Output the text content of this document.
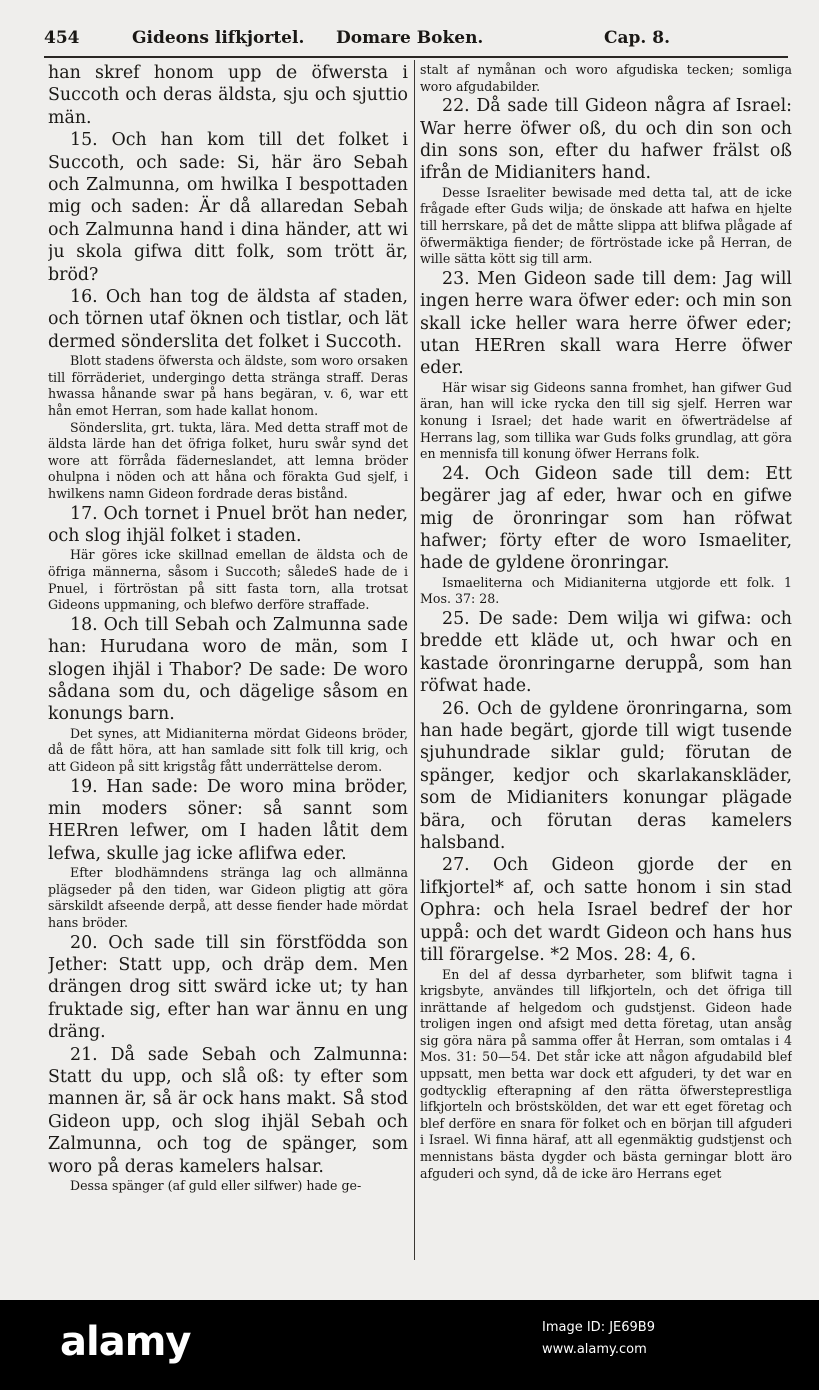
454	Gideons lifkjortel. Domare Boken.	Cap. 8.

han skref honom upp de öfwersta i Succoth och deras äldsta, sju och sjuttio män.

15. Och han kom till det folket i Succoth, och sade: Si, här äro Sebah och Zalmunna, om hwilka I bespottaden mig och saden: Är då allaredan Sebah och Zalmunna hand i dina händer, att wi ju skola gifwa ditt folk, som trött är, bröd?

16. Och han tog de äldsta af staden, och törnen utaf öknen och tistlar, och lät dermed sönderslita det folket i Succoth.

Blott stadens öfwersta och äldste, som woro orsaken till förräderiet, undergingo detta stränga straff. Deras hwassa hånande swar på hans begäran, v. 6, war ett hån emot Herran, som hade kallat honom.

Sönderslita, grt. tukta, lära. Med detta straff mot de äldsta lärde han det öfriga folket, huru swår synd det wore att förråda fäderneslandet, att lemna bröder ohulpna i nöden och att håna och förakta Gud sjelf, i hwilkens namn Gideon fordrade deras bistånd.

17. Och tornet i Pnuel bröt han neder, och slog ihjäl folket i staden.

Här göres icke skillnad emellan de äldsta och de öfriga männerna, såsom i Succoth; såledeS hade de i Pnuel, i förtröstan på sitt fasta torn, alla trotsat Gideons uppmaning, och blefwo derföre straffade.

18. Och till Sebah och Zalmunna sade han: Hurudana woro de män, som I slogen ihjäl i Thabor? De sade: De woro sådana som du, och dägelige såsom en konungs barn.

Det synes, att Midianiterna mördat Gideons bröder, då de fått höra, att han samlade sitt folk till krig, och att Gideon på sitt krigståg fått underrättelse derom.

19. Han sade: De woro mina bröder, min moders söner: så sannt som HERren lefwer, om I haden låtit dem lefwa, skulle jag icke aflifwa eder.

Efter blodhämndens stränga lag och allmänna plägseder på den tiden, war Gideon pligtig att göra särskildt afseende derpå, att desse fiender hade mördat hans bröder.

20. Och sade till sin förstfödda son Jether: Statt upp, och dräp dem. Men drängen drog sitt swärd icke ut; ty han fruktade sig, efter han war ännu en ung dräng.

21. Då sade Sebah och Zalmunna: Statt du upp, och slå oß: ty efter som mannen är, så är ock hans makt. Så stod Gideon upp, och slog ihjäl Sebah och Zalmunna, och tog de spänger, som woro på deras kamelers halsar.

Dessa spänger (af guld eller silfwer) hade ge-

stalt af nymånan och woro afgudiska tecken; somliga woro afgudabilder.

22. Då sade till Gideon några af Israel: War herre öfwer oß, du och din son och din sons son, efter du hafwer frälst oß ifrån de Midianiters hand.

Desse Israeliter bewisade med detta tal, att de icke frågade efter Guds wilja; de önskade att hafwa en hjelte till herrskare, på det de måtte slippa att blifwa plågade af öfwermäktiga fiender; de förtröstade icke på Herran, de wille sätta kött sig till arm.

23. Men Gideon sade till dem: Jag will ingen herre wara öfwer eder: och min son skall icke heller wara herre öfwer eder; utan HERren skall wara Herre öfwer eder.

Här wisar sig Gideons sanna fromhet, han gifwer Gud äran, han will icke rycka den till sig sjelf. Herren war konung i Israel; det hade warit en öfwerträdelse af Herrans lag, som tillika war Guds folks grundlag, att göra en mennisfa till konung öfwer Herrans folk.

24. Och Gideon sade till dem: Ett begärer jag af eder, hwar och en gifwe mig de öronringar som han röfwat hafwer; förty efter de woro Ismaeliter, hade de gyldene öronringar.

Ismaeliterna och Midianiterna utgjorde ett folk. 1 Mos. 37: 28.

25. De sade: Dem wilja wi gifwa: och bredde ett kläde ut, och hwar och en kastade öronringarne deruppå, som han röfwat hade.

26. Och de gyldene öronringarna, som han hade begärt, gjorde till wigt tusende sjuhundrade siklar guld; förutan de spänger, kedjor och skarlakanskläder, som de Midianiters konungar plägade bära, och förutan deras kamelers halsband.

27. Och Gideon gjorde der en lifkjortel* af, och satte honom i sin stad Ophra: och hela Israel bedref der hor uppå: och det wardt Gideon och hans hus till förargelse. *2 Mos. 28: 4, 6.

En del af dessa dyrbarheter, som blifwit tagna i krigsbyte, användes till lifkjorteln, och det öfriga till inrättande af helgedom och gudstjenst. Gideon hade troligen ingen ond afsigt med detta företag, utan ansåg sig göra nära på samma offer åt Herran, som omtalas i 4 Mos. 31: 50—54. Det står icke att någon afgudabild blef uppsatt, men betta war dock ett afguderi, ty det war en godtycklig efterapning af den rätta öfwersteprestliga lifkjorteln och bröstskölden, det war ett eget företag och blef derföre en snara för folket och en början till afguderi i Israel. Wi finna häraf, att all egenmäktig gudstjenst och mennistans bästa dygder och bästa gerningar blott äro afguderi och synd, då de icke äro Herrans eget

alamy	Image ID: JE69B9
www.alamy.com
